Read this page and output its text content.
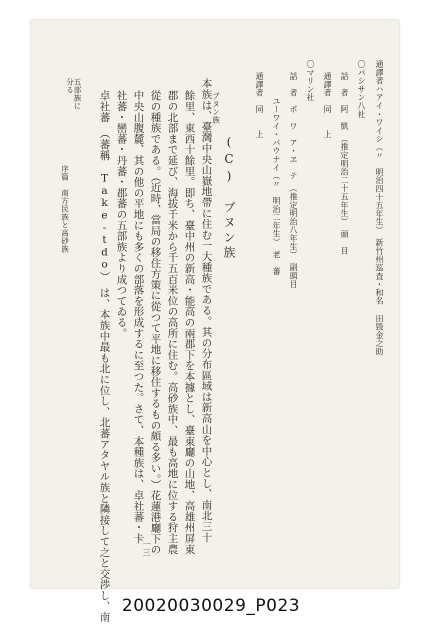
通譯者ハアイ・ワイシ（〃　明治四十五年生）　新竹州巡査・和名 田毀金之助
〇パシサン八社
話　者　阿　凱　（推定明治二十五年生）　頭　目
通譯者　同　　上
〇マリン社
話　者　ポ　ワ　ア・ヱ　テ　（推定明治八年生）　副頭目
　　　ユーワイ・パウナイ（〃　明治二年生）　老　蕃
通譯者　同　　上
ブヌン族
(C)　ブヌン族
本族は、臺灣中央山嶽地帶に住む一大種族である。其の分布區域は新高山を中心とし、南北三十
餘里、東西十餘里。即ち、臺中州の新高・能高の兩郡下を本據とし、臺東廳の山地、高雄州屏東
郡の北部まで延び、海拔千米から千五百米位の高所に住む。高砂族中、最も高地に位する狩主農
從の種族である。（近時、當局の移住方策に從つて平地に移住するもの頗る多い。）花蓮港廳下の
中央山腹麓、其の他の平地にも多くの部落を形成するに至つた。さて、本種族は、卓社蕃・卡
社蕃・巒蕃・丹蕃・郡蕃の五部族より成つてゐる。
卓社蕃　（蕃稱 Take-tdo）　は、本族中最も北に位し、北蕃アタヤル族と隣接して之と交渉し、南
五部族に分る
序篇　南方民族と高砂族
一三
20020030029_P023
